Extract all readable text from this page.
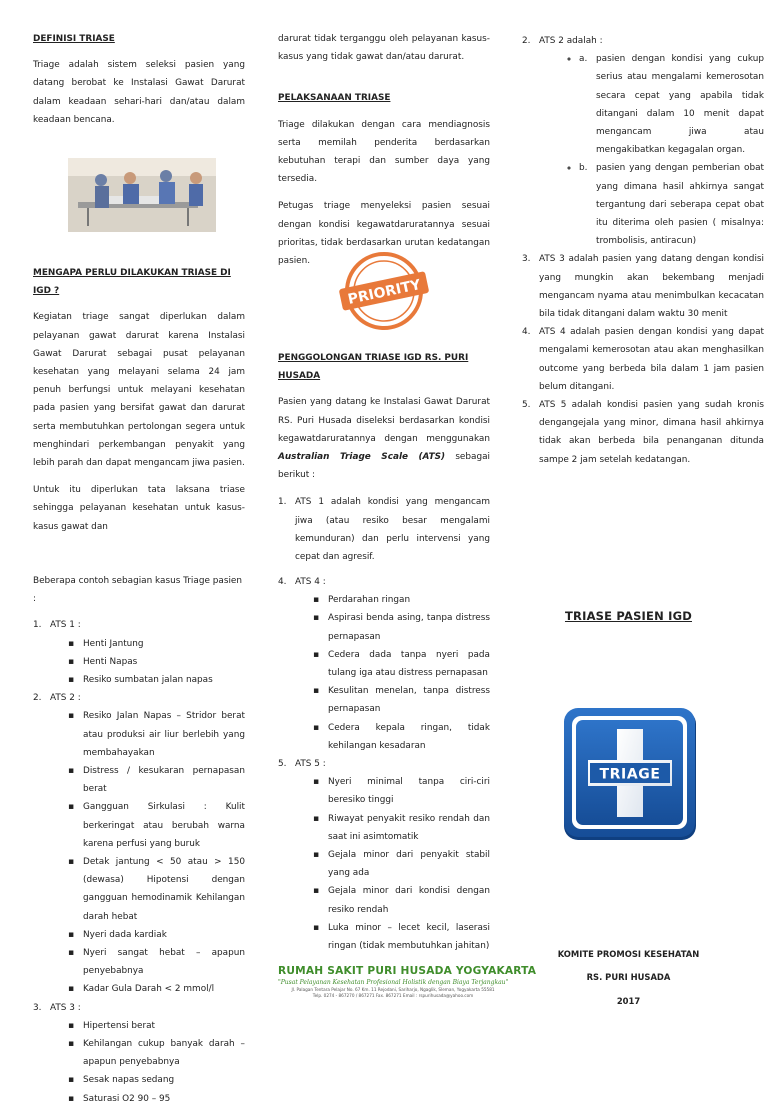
DEFINISI TRIASE

Triage adalah sistem seleksi pasien yang datang berobat ke Instalasi Gawat Darurat dalam keadaan sehari-hari dan/atau dalam keadaan bencana.

MENGAPA PERLU DILAKUKAN TRIASE DI IGD ?

Kegiatan triage sangat diperlukan dalam pelayanan gawat darurat karena Instalasi Gawat Darurat sebagai pusat pelayanan kesehatan yang melayani selama 24 jam penuh berfungsi untuk melayani kesehatan pada pasien yang bersifat gawat dan darurat serta membutuhkan pertolongan segera untuk menghindari perkembangan penyakit yang lebih parah dan dapat mengancam jiwa pasien.

Untuk itu diperlukan tata laksana triase sehingga pelayanan kesehatan untuk kasus-kasus gawat dan

darurat tidak terganggu oleh pelayanan kasus-kasus yang tidak gawat dan/atau darurat.

PELAKSANAAN TRIASE

Triage dilakukan dengan cara mendiagnosis serta memilah penderita berdasarkan kebutuhan terapi dan sumber daya yang tersedia.

Petugas triage menyeleksi pasien sesuai dengan kondisi kegawatdaruratannya sesuai prioritas, tidak berdasarkan urutan kedatangan pasien.

PRIORITY

PENGGOLONGAN TRIASE IGD RS. PURI HUSADA

Pasien yang datang ke Instalasi Gawat Darurat RS. Puri Husada diseleksi berdasarkan kondisi kegawatdaruratannya dengan menggunakan Australian Triage Scale (ATS) sebagai berikut :

1. ATS 1 adalah kondisi yang mengancam jiwa (atau resiko besar mengalami kemunduran) dan perlu intervensi yang cepat dan agresif.
2. ATS 2 adalah :
◦ a. pasien dengan kondisi yang cukup serius atau mengalami kemerosotan secara cepat yang apabila tidak ditangani dalam 10 menit dapat mengancam jiwa atau mengakibatkan kegagalan organ.
◦ b. pasien yang dengan pemberian obat yang dimana hasil ahkirnya sangat tergantung dari seberapa cepat obat itu diterima oleh pasien ( misalnya: trombolisis, antiracun)
3. ATS 3 adalah pasien yang datang dengan kondisi yang mungkin akan bekembang menjadi mengancam nyama atau menimbulkan kecacatan bila tidak ditangani dalam waktu 30 menit
4. ATS 4 adalah pasien dengan kondisi yang dapat mengalami kemerosotan atau akan menghasilkan outcome yang berbeda bila dalam 1 jam pasien belum ditangani.
5. ATS 5 adalah kondisi pasien yang sudah kronis dengangejala yang minor, dimana hasil ahkirnya tidak akan berbeda bila penanganan ditunda sampe 2 jam setelah kedatangan.

Beberapa contoh sebagian kasus Triage pasien :

1. ATS 1 :
▪ Henti Jantung
▪ Henti Napas
▪ Resiko sumbatan jalan napas
2. ATS 2 :
▪ Resiko Jalan Napas – Stridor berat atau produksi air liur berlebih yang membahayakan
▪ Distress / kesukaran pernapasan berat
▪ Gangguan Sirkulasi : Kulit berkeringat atau berubah warna karena perfusi yang buruk
▪ Detak jantung < 50 atau > 150 (dewasa) Hipotensi dengan gangguan hemodinamik Kehilangan darah hebat
▪ Nyeri dada kardiak
▪ Nyeri sangat hebat – apapun penyebabnya
▪ Kadar Gula Darah < 2 mmol/l
3. ATS 3 :
▪ Hipertensi berat
▪ Kehilangan cukup banyak darah – apapun penyebabnya
▪ Sesak napas sedang
▪ Saturasi O2 90 – 95
4. ATS 4 :
▪ Perdarahan ringan
▪ Aspirasi benda asing, tanpa distress pernapasan
▪ Cedera dada tanpa nyeri pada tulang iga atau distress pernapasan
▪ Kesulitan menelan, tanpa distress pernapasan
▪ Cedera kepala ringan, tidak kehilangan kesadaran
5. ATS 5 :
▪ Nyeri minimal tanpa ciri-ciri beresiko tinggi
▪ Riwayat penyakit resiko rendah dan saat ini asimtomatik
▪ Gejala minor dari penyakit stabil yang ada
▪ Gejala minor dari kondisi dengan resiko rendah
▪ Luka minor – lecet kecil, laserasi ringan (tidak membutuhkan jahitan)
RUMAH SAKIT PURI HUSADA YOGYAKARTA
"Pusat Pelayanan Kesehatan Profesional Holistik dengan Biaya Terjangkau"
Jl. Palagan Tentara Pelajar No. 67 Km. 11 Rejodani, Sariharjo, Ngaglik, Sleman, Yogyakarta 55581
Telp. 0274 - 867270 / 867271 Fax. 867271 Email : rspurihusada@yahoo.com
TRIASE PASIEN IGD
TRIAGE
KOMITE PROMOSI KESEHATAN
RS. PURI HUSADA
2017
